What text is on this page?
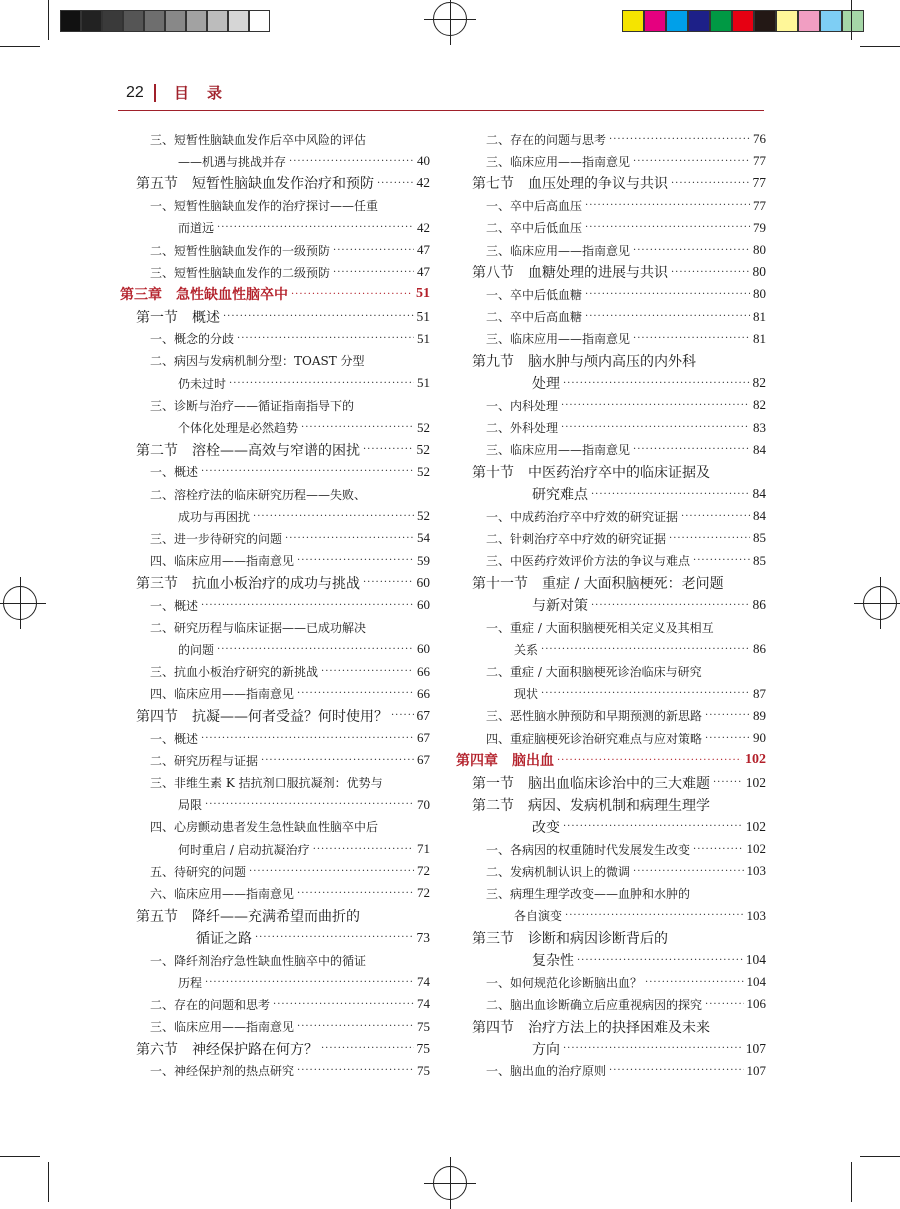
22 目录
三、短暂性脑缺血发作后卒中风险的评估
——机遇与挑战并存 ·····	40
第五节　短暂性脑缺血发作治疗和预防 ·····	42
一、短暂性脑缺血发作的治疗探讨——任重
而道远 ·····	42
二、短暂性脑缺血发作的一级预防 ·····	47
三、短暂性脑缺血发作的二级预防 ·····	47
第三章　急性缺血性脑卒中 ·····	51
第一节　概述 ·····	51
一、概念的分歧 ·····	51
二、病因与发病机制分型：TOAST 分型
仍未过时 ·····	51
三、诊断与治疗——循证指南指导下的
个体化处理是必然趋势 ·····	52
第二节　溶栓——高效与窄谱的困扰 ·····	52
一、概述 ·····	52
二、溶栓疗法的临床研究历程——失败、
成功与再困扰 ·····	52
三、进一步待研究的问题 ·····	54
四、临床应用——指南意见 ·····	59
第三节　抗血小板治疗的成功与挑战 ·····	60
一、概述 ·····	60
二、研究历程与临床证据——已成功解决
的问题 ·····	60
三、抗血小板治疗研究的新挑战 ·····	66
四、临床应用——指南意见 ·····	66
第四节　抗凝——何者受益？何时使用？ ····· 67
一、概述 ·····	67
二、研究历程与证据 ·····	67
三、非维生素 K 拮抗剂口服抗凝剂：优势与
局限 ·····	70
四、心房颤动患者发生急性缺血性脑卒中后
何时重启 / 启动抗凝治疗 ·····	71
五、待研究的问题 ·····	72
六、临床应用——指南意见 ·····	72
第五节　降纤——充满希望而曲折的
循证之路 ·····	73
一、降纤剂治疗急性缺血性脑卒中的循证
历程 ·····	74
二、存在的问题和思考 ·····	74
三、临床应用——指南意见 ·····	75
第六节　神经保护路在何方？ ·····	75
一、神经保护剂的热点研究 ·····	75
二、存在的问题与思考 ·····	76
三、临床应用——指南意见 ·····	77
第七节　血压处理的争议与共识 ·····	77
一、卒中后高血压 ·····	77
二、卒中后低血压 ·····	79
三、临床应用——指南意见 ·····	80
第八节　血糖处理的进展与共识 ·····	80
一、卒中后低血糖 ·····	80
二、卒中后高血糖 ·····	81
三、临床应用——指南意见 ·····	81
第九节　脑水肿与颅内高压的内外科
处理 ·····	82
一、内科处理 ·····	82
二、外科处理 ·····	83
三、临床应用——指南意见 ·····	84
第十节　中医药治疗卒中的临床证据及
研究难点 ·····	84
一、中成药治疗卒中疗效的研究证据 ·····	84
二、针刺治疗卒中疗效的研究证据 ·····	85
三、中医药疗效评价方法的争议与难点 ·····	85
第十一节　重症 / 大面积脑梗死：老问题
与新对策 ·····	86
一、重症 / 大面积脑梗死相关定义及其相互
关系 ·····	86
二、重症 / 大面积脑梗死诊治临床与研究
现状 ·····	87
三、恶性脑水肿预防和早期预测的新思路 ·····	89
四、重症脑梗死诊治研究难点与应对策略 ·····	90
第四章　脑出血 ·····	102
第一节　脑出血临床诊治中的三大难题 ·····	102
第二节　病因、发病机制和病理生理学
改变 ·····	102
一、各病因的权重随时代发展发生改变 ·····	102
二、发病机制认识上的微调 ·····	103
三、病理生理学改变——血肿和水肿的
各自演变 ·····	103
第三节　诊断和病因诊断背后的
复杂性 ·····	104
一、如何规范化诊断脑出血？ ·····	104
二、脑出血诊断确立后应重视病因的探究 ·····	106
第四节　治疗方法上的抉择困难及未来
方向 ·····	107
一、脑出血的治疗原则 ·····	107
